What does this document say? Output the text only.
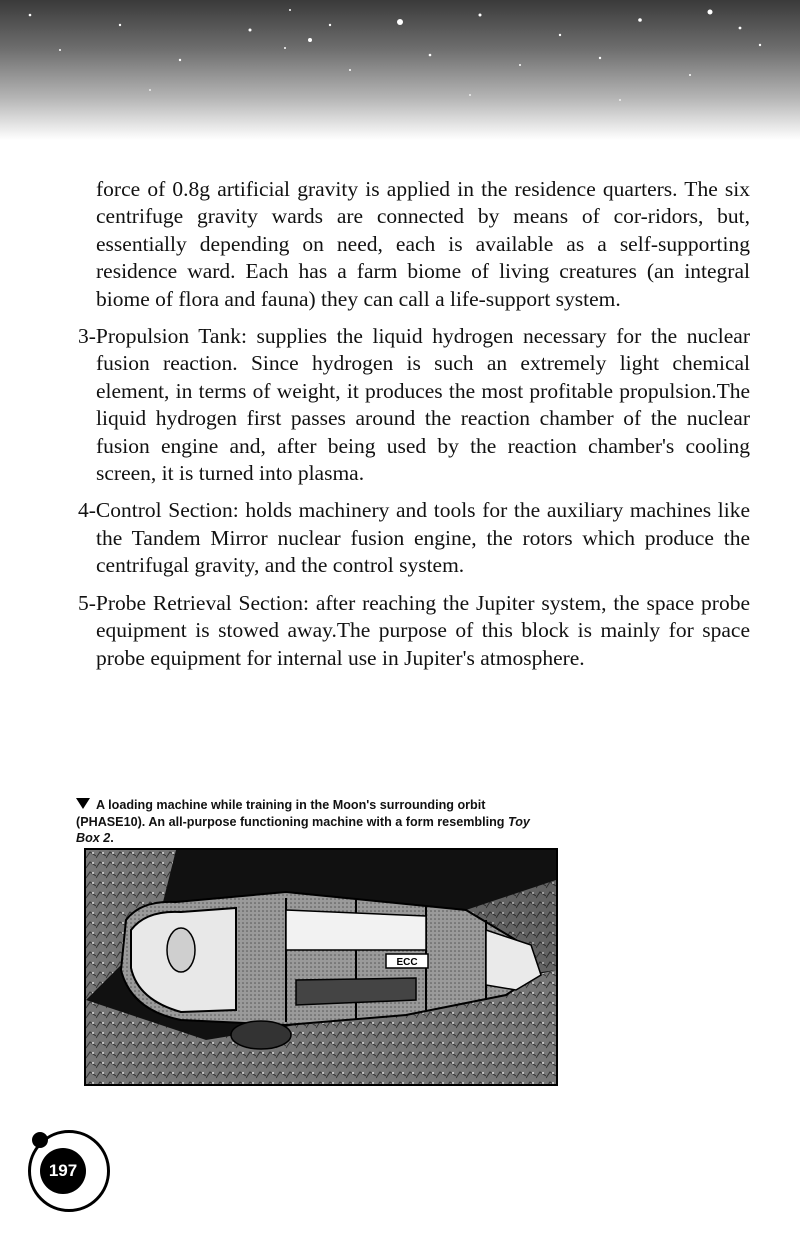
force of 0.8g artificial gravity is applied in the residence quarters. The six centrifuge gravity wards are connected by means of cor-ridors, but, essentially depending on need, each is available as a self-supporting residence ward. Each has a farm biome of living creatures (an integral biome of flora and fauna) they can call a life-support system.

3-Propulsion Tank: supplies the liquid hydrogen necessary for the nuclear fusion reaction. Since hydrogen is such an extremely light chemical element, in terms of weight, it produces the most profitable propulsion.The liquid hydrogen first passes around the reaction chamber of the nuclear fusion engine and, after being used by the reaction chamber's cooling screen, it is turned into plasma.

4-Control Section: holds machinery and tools for the auxiliary machines like the Tandem Mirror nuclear fusion engine, the rotors which produce the centrifugal gravity, and the control system.

5-Probe Retrieval Section: after reaching the Jupiter system, the space probe equipment is stowed away.The purpose of this block is mainly for space probe equipment for internal use in Jupiter's atmosphere.

A loading machine while training in the Moon's surrounding orbit (PHASE10). An all-purpose functioning machine with a form resembling Toy Box 2.
ECC
197
